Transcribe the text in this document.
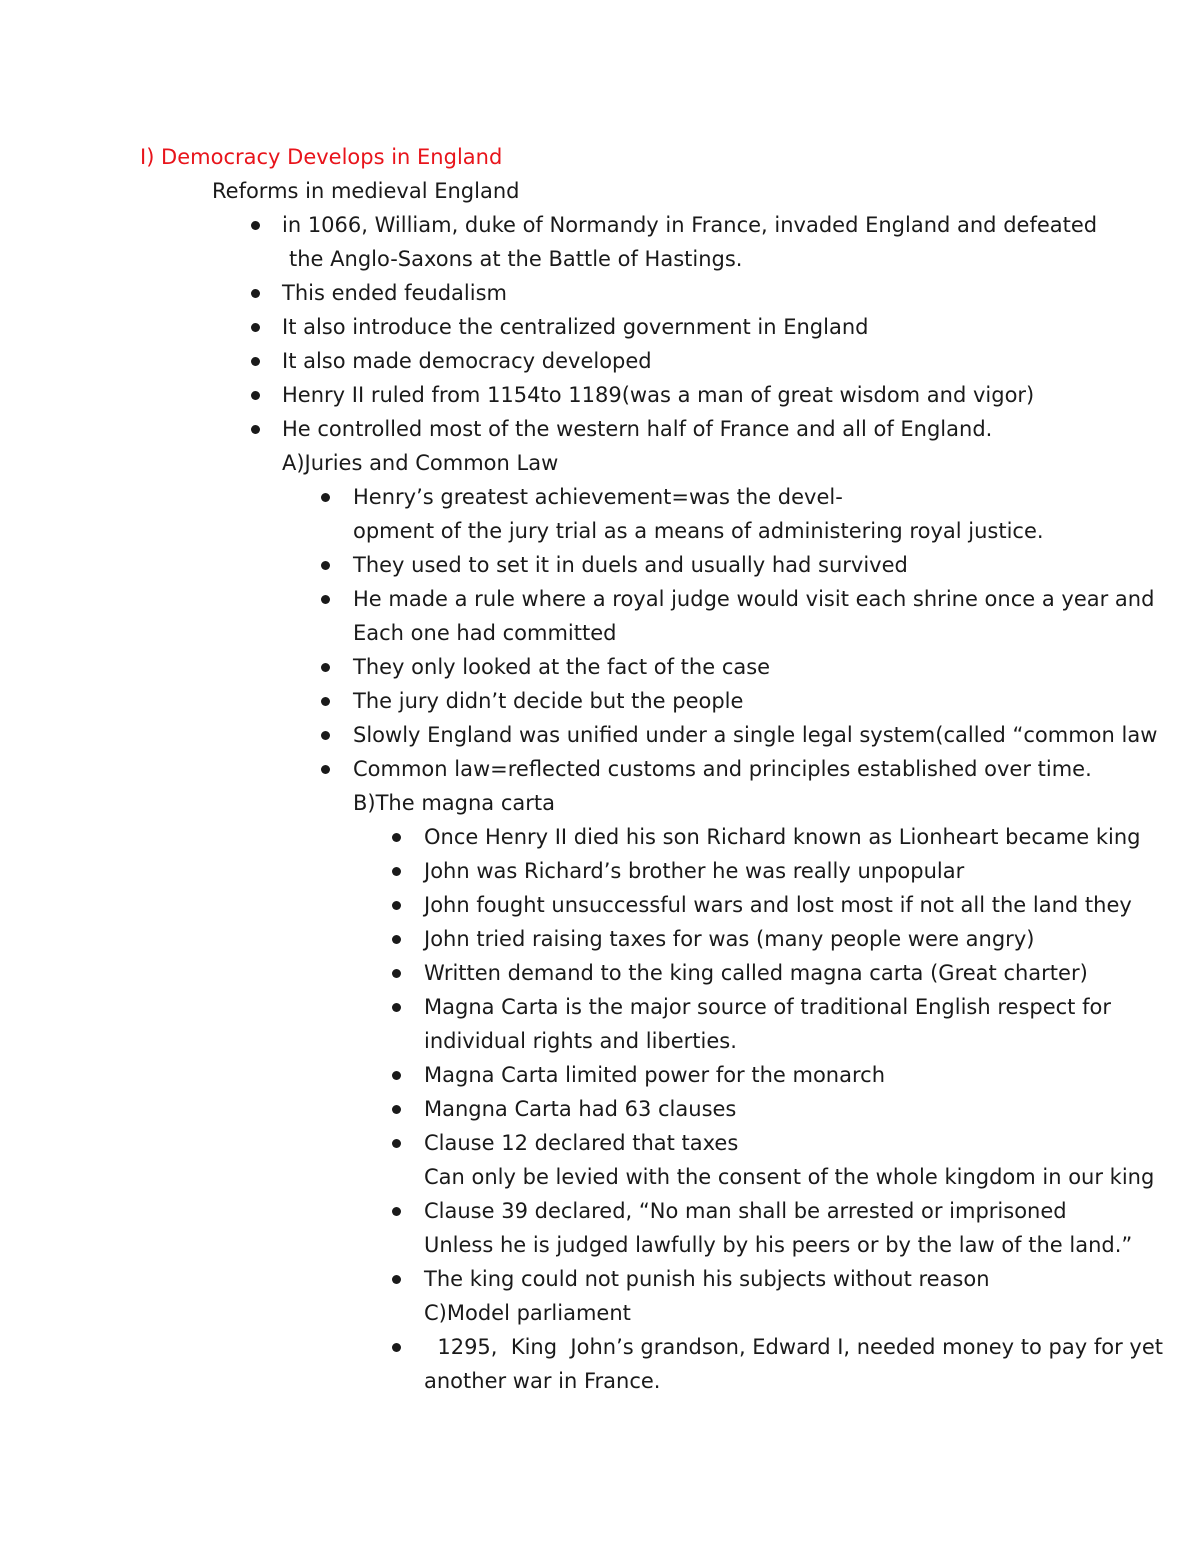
I) Democracy Develops in England
Reforms in medieval England
in 1066, William, duke of Normandy in France, invaded England and defeated
the Anglo-Saxons at the Battle of Hastings.
This ended feudalism
It also introduce the centralized government in England
It also made democracy developed
Henry II ruled from 1154to 1189(was a man of great wisdom and vigor)
He controlled most of the western half of France and all of England.
A)Juries and Common Law
Henry’s greatest achievement=was the devel-
opment of the jury trial as a means of administering royal justice.
They used to set it in duels and usually had survived
He made a rule where a royal judge would visit each shrine once a year and
Each one had committed
They only looked at the fact of the case
The jury didn’t decide but the people
Slowly England was unified under a single legal system(called “common law
Common law=reflected customs and principles established over time.
B)The magna carta
Once Henry II died his son Richard known as Lionheart became king
John was Richard’s brother he was really unpopular
John fought unsuccessful wars and lost most if not all the land they
John tried raising taxes for was (many people were angry)
Written demand to the king called magna carta (Great charter)
Magna Carta is the major source of traditional English respect for
individual rights and liberties.
Magna Carta limited power for the monarch
Mangna Carta had 63 clauses
Clause 12 declared that taxes
Can only be levied with the consent of the whole kingdom in our king
Clause 39 declared, “No man shall be arrested or imprisoned
Unless he is judged lawfully by his peers or by the law of the land.”
The king could not punish his subjects without reason
C)Model parliament
1295,  King  John’s grandson, Edward I, needed money to pay for yet
another war in France.
